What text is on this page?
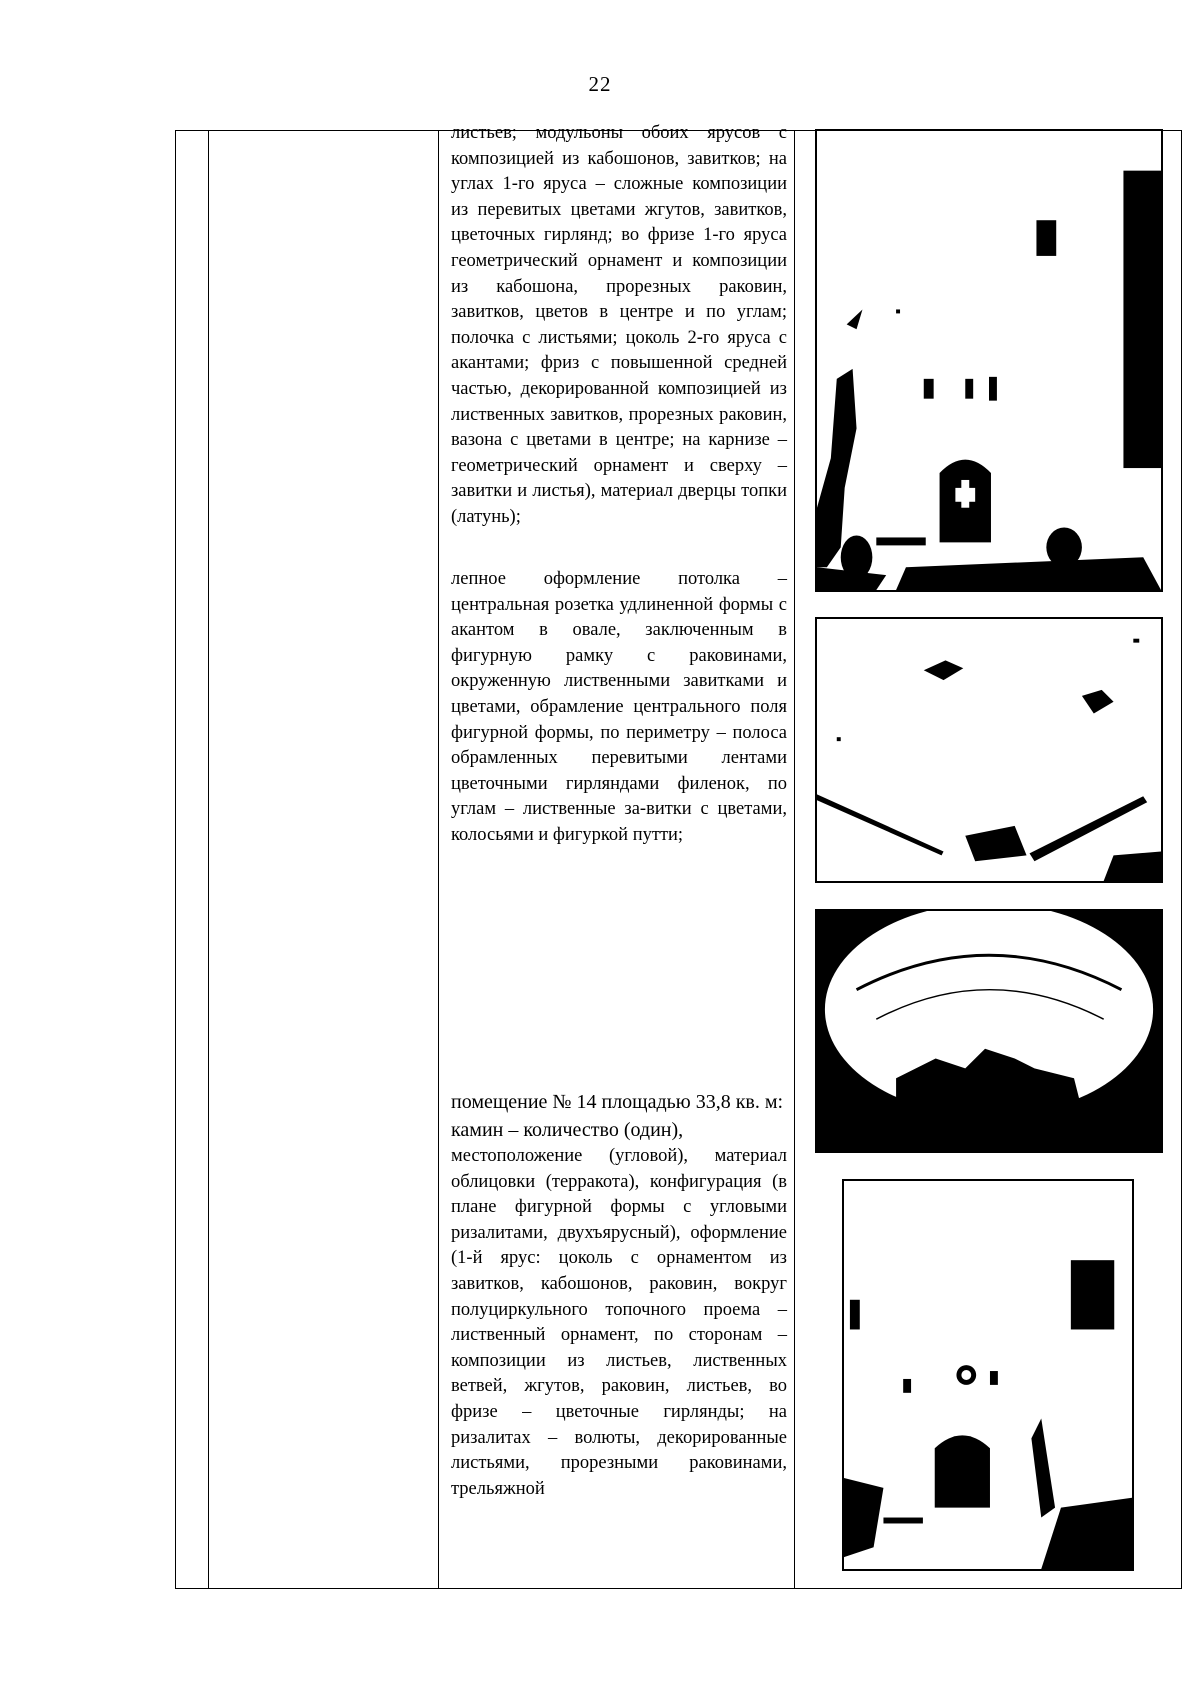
22

листьев; модульоны обоих ярусов с композицией из кабошонов, завитков; на углах 1-го яруса – сложные композиции из перевитых цветами жгутов, завитков, цветочных гирлянд; во фризе 1-го яруса геометрический орнамент и композиции из кабошона, прорезных раковин, завитков, цветов в центре и по углам; полочка с листьями; цоколь 2-го яруса с акантами; фриз с повышенной средней частью, декорированной композицией из лиственных завитков, прорезных раковин, вазона с цветами в центре; на карнизе – геометрический орнамент и сверху – завитки и листья), материал дверцы топки (латунь);

лепное оформление потолка – центральная розетка удлиненной формы с акантом в овале, заключенным в фигурную рамку с раковинами, окруженную лиственными завитками и цветами, обрамление центрального поля фигурной формы, по периметру – полоса обрамленных перевитыми лентами цветочными гирляндами филенок, по углам – лиственные за-витки с цветами, колосьями и фигуркой путти;

помещение № 14 площадью 33,8 кв. м:

камин – количество (один),

местоположение (угловой), материал облицовки (терракота), конфигурация (в плане фигурной формы с угловыми ризалитами, двухъярусный), оформление (1-й ярус: цоколь с орнаментом из завитков, кабошонов, раковин, вокруг полуциркульного топочного проема – лиственный орнамент, по сторонам – композиции из листьев, лиственных ветвей, жгутов, раковин, листьев, во фризе – цветочные гирлянды; на ризалитах – волюты, декорированные листьями, прорезными раковинами, трельяжной
